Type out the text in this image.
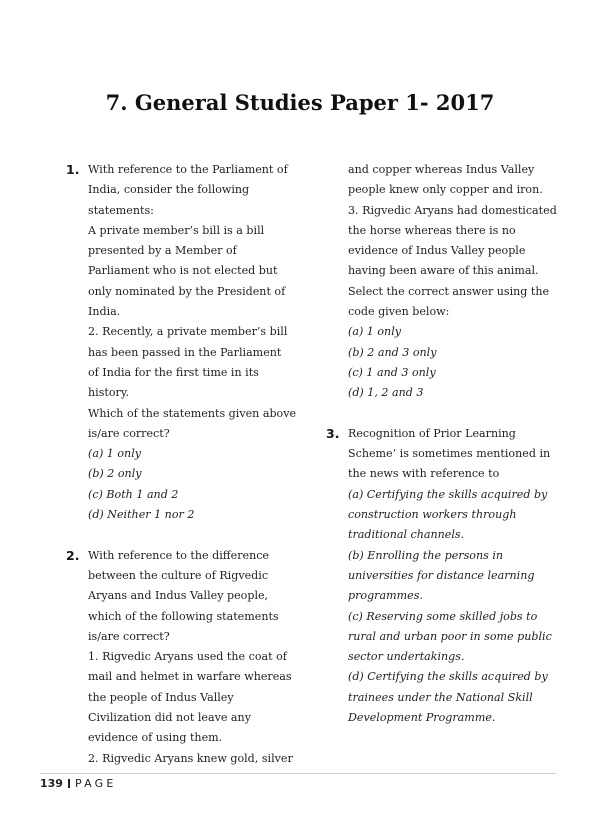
7. General Studies Paper 1- 2017
1. With reference to the Parliament of
India, consider the following
statements:
A private member’s bill is a bill
presented by a Member of
Parliament who is not elected but
only nominated by the President of
India.
2. Recently, a private member’s bill
has been passed in the Parliament
of India for the first time in its
history.
Which of the statements given above
is/are correct?
(a) 1 only
(b) 2 only
(c) Both 1 and 2
(d) Neither 1 nor 2
2. With reference to the difference
between the culture of Rigvedic
Aryans and Indus Valley people,
which of the following statements
is/are correct?
1. Rigvedic Aryans used the coat of
mail and helmet in warfare whereas
the people of Indus Valley
Civilization did not leave any
evidence of using them.
2. Rigvedic Aryans knew gold, silver
and copper whereas Indus Valley
people knew only copper and iron.
3. Rigvedic Aryans had domesticated
the horse whereas there is no
evidence of Indus Valley people
having been aware of this animal.
Select the correct answer using the
code given below:
(a) 1 only
(b) 2 and 3 only
(c) 1 and 3 only
(d) 1, 2 and 3
3. Recognition of Prior Learning
Scheme’ is sometimes mentioned in
the news with reference to
(a) Certifying the skills acquired by
construction workers through
traditional channels.
(b) Enrolling the persons in
universities for distance learning
programmes.
(c) Reserving some skilled jobs to
rural and urban poor in some public
sector undertakings.
(d) Certifying the skills acquired by
trainees under the National Skill
Development Programme.
139 PAGE
